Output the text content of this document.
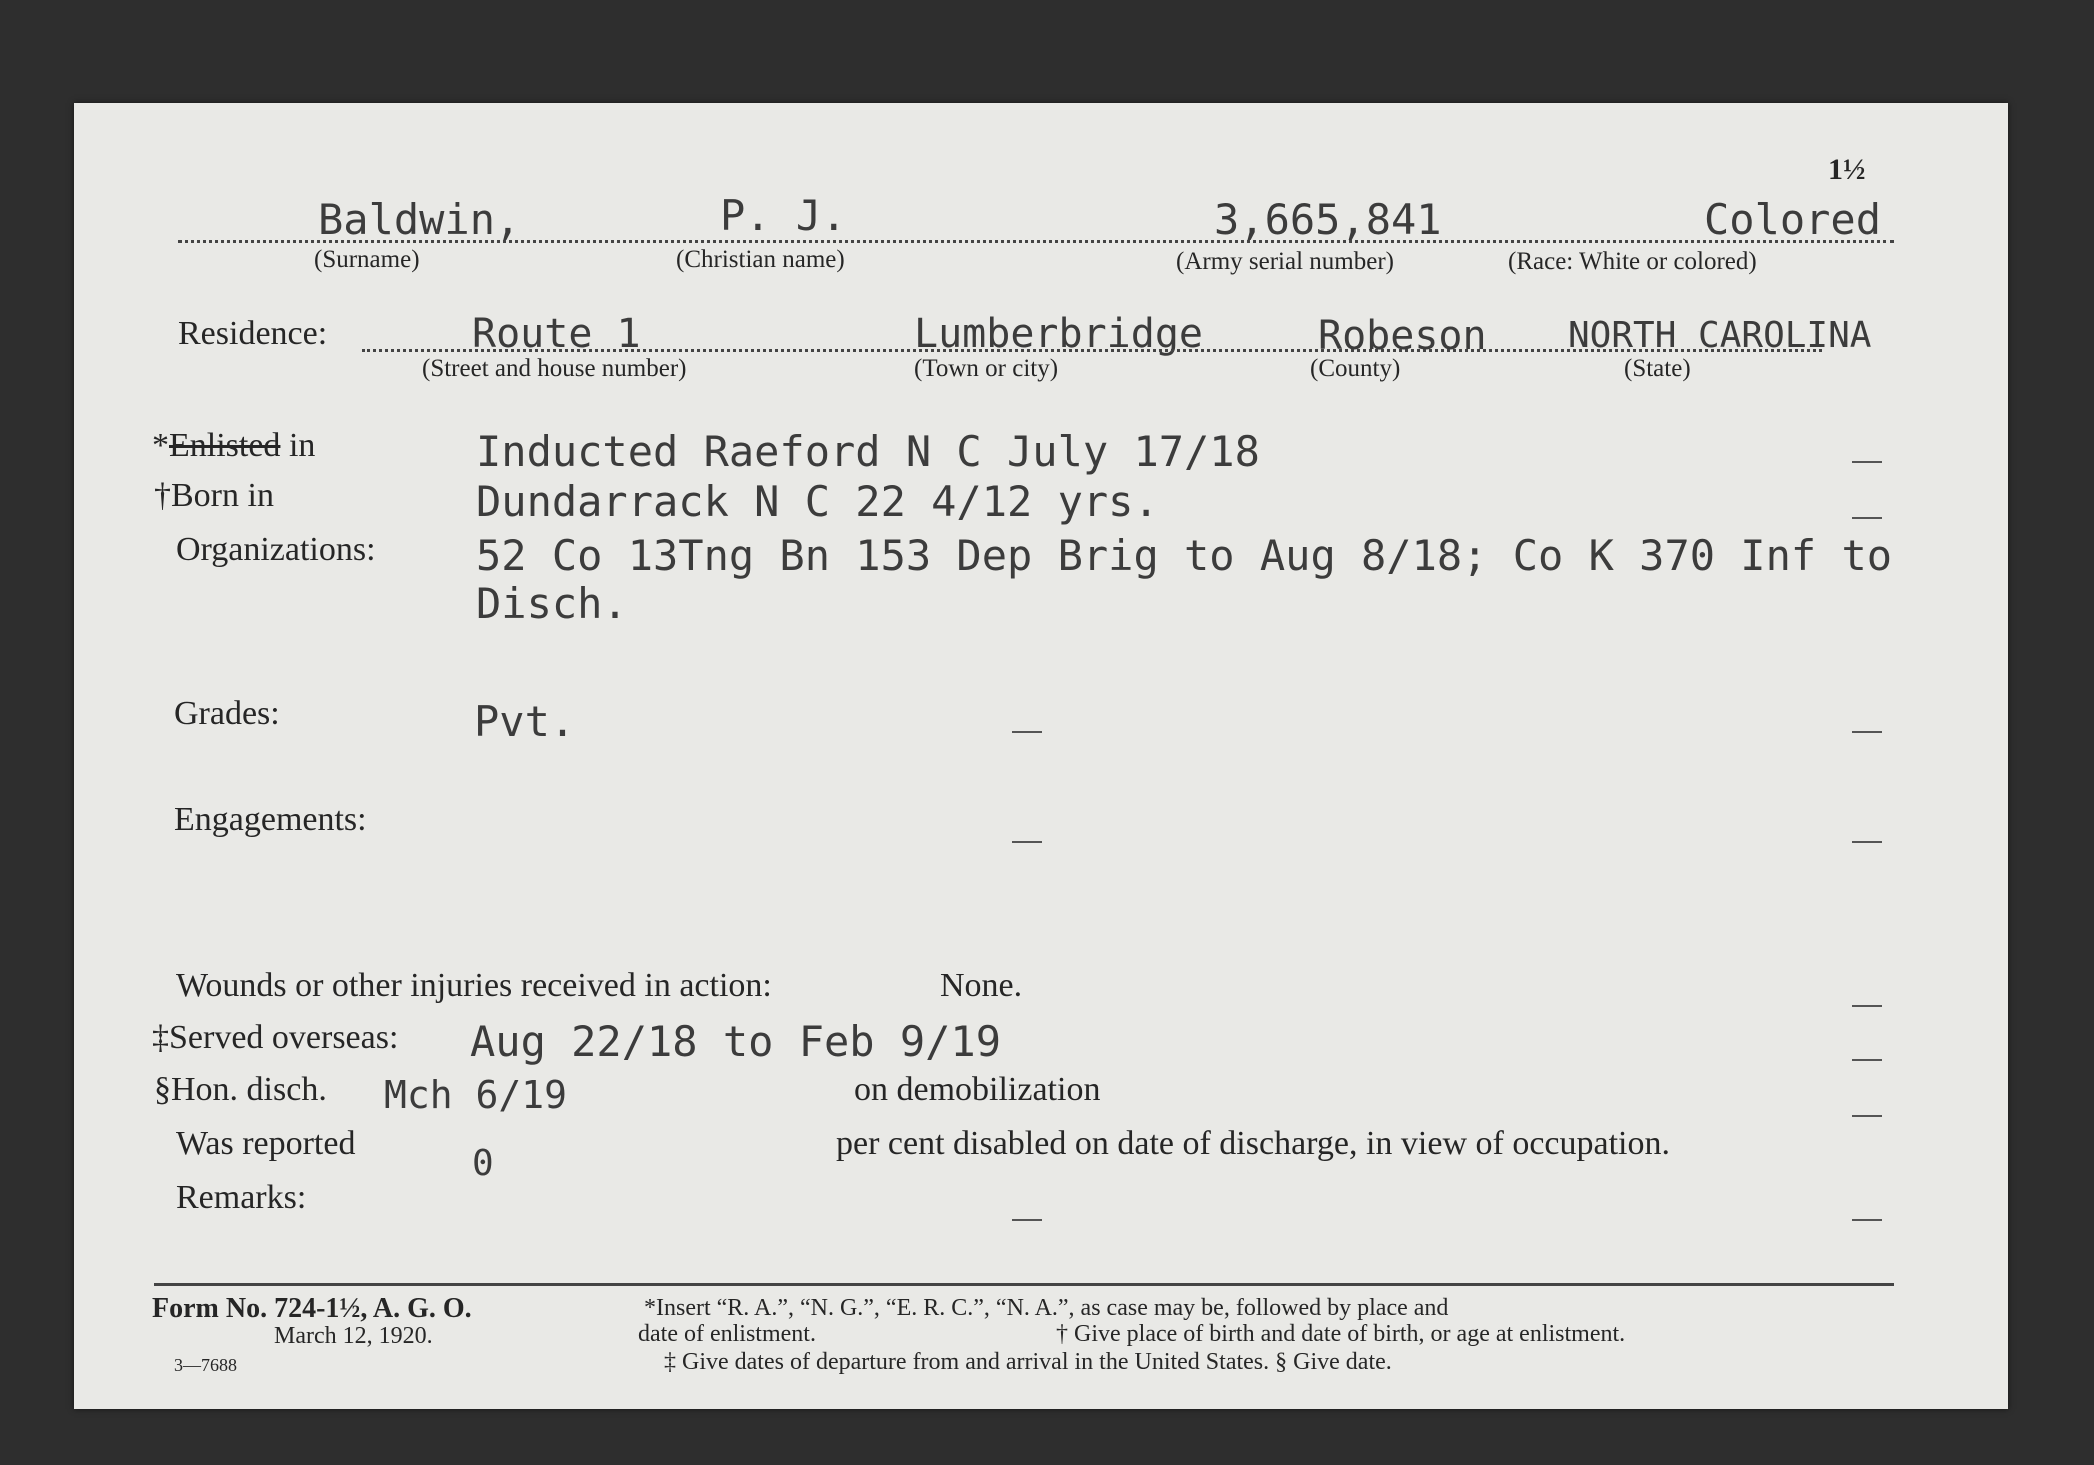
1½
Baldwin,	P. J.	3,665,841	Colored
(Surname)	(Christian name)	(Army serial number)	(Race: White or colored)
Residence:	Route 1	Lumberbridge	Robeson NORTH CAROLINA
(Street and house number)	(Town or city)	(County)	(State)
*Enlisted in	Inducted Raeford N C July 17/18
†Born in	Dundarrack N C 22 4/12 yrs.
Organizations: 52 Co 13Tng Bn 153 Dep Brig to Aug 8/18; Co K 370 Inf to
Disch.
Grades:	Pvt.
Engagements:
Wounds or other injuries received in action:	None.
‡Served overseas: Aug 22/18 to Feb 9/19
§Hon. disch. Mch 6/19	on demobilization
Was reported	0	per cent disabled on date of discharge, in view of occupation.
Remarks:
Form No. 724-1½, A. G. O.
March 12, 1920.
3—7688
*Insert “R. A.”, “N. G.”, “E. R. C.”, “N. A.”, as case may be, followed by place and
date of enlistment.	† Give place of birth and date of birth, or age at enlistment.
‡ Give dates of departure from and arrival in the United States. § Give date.
